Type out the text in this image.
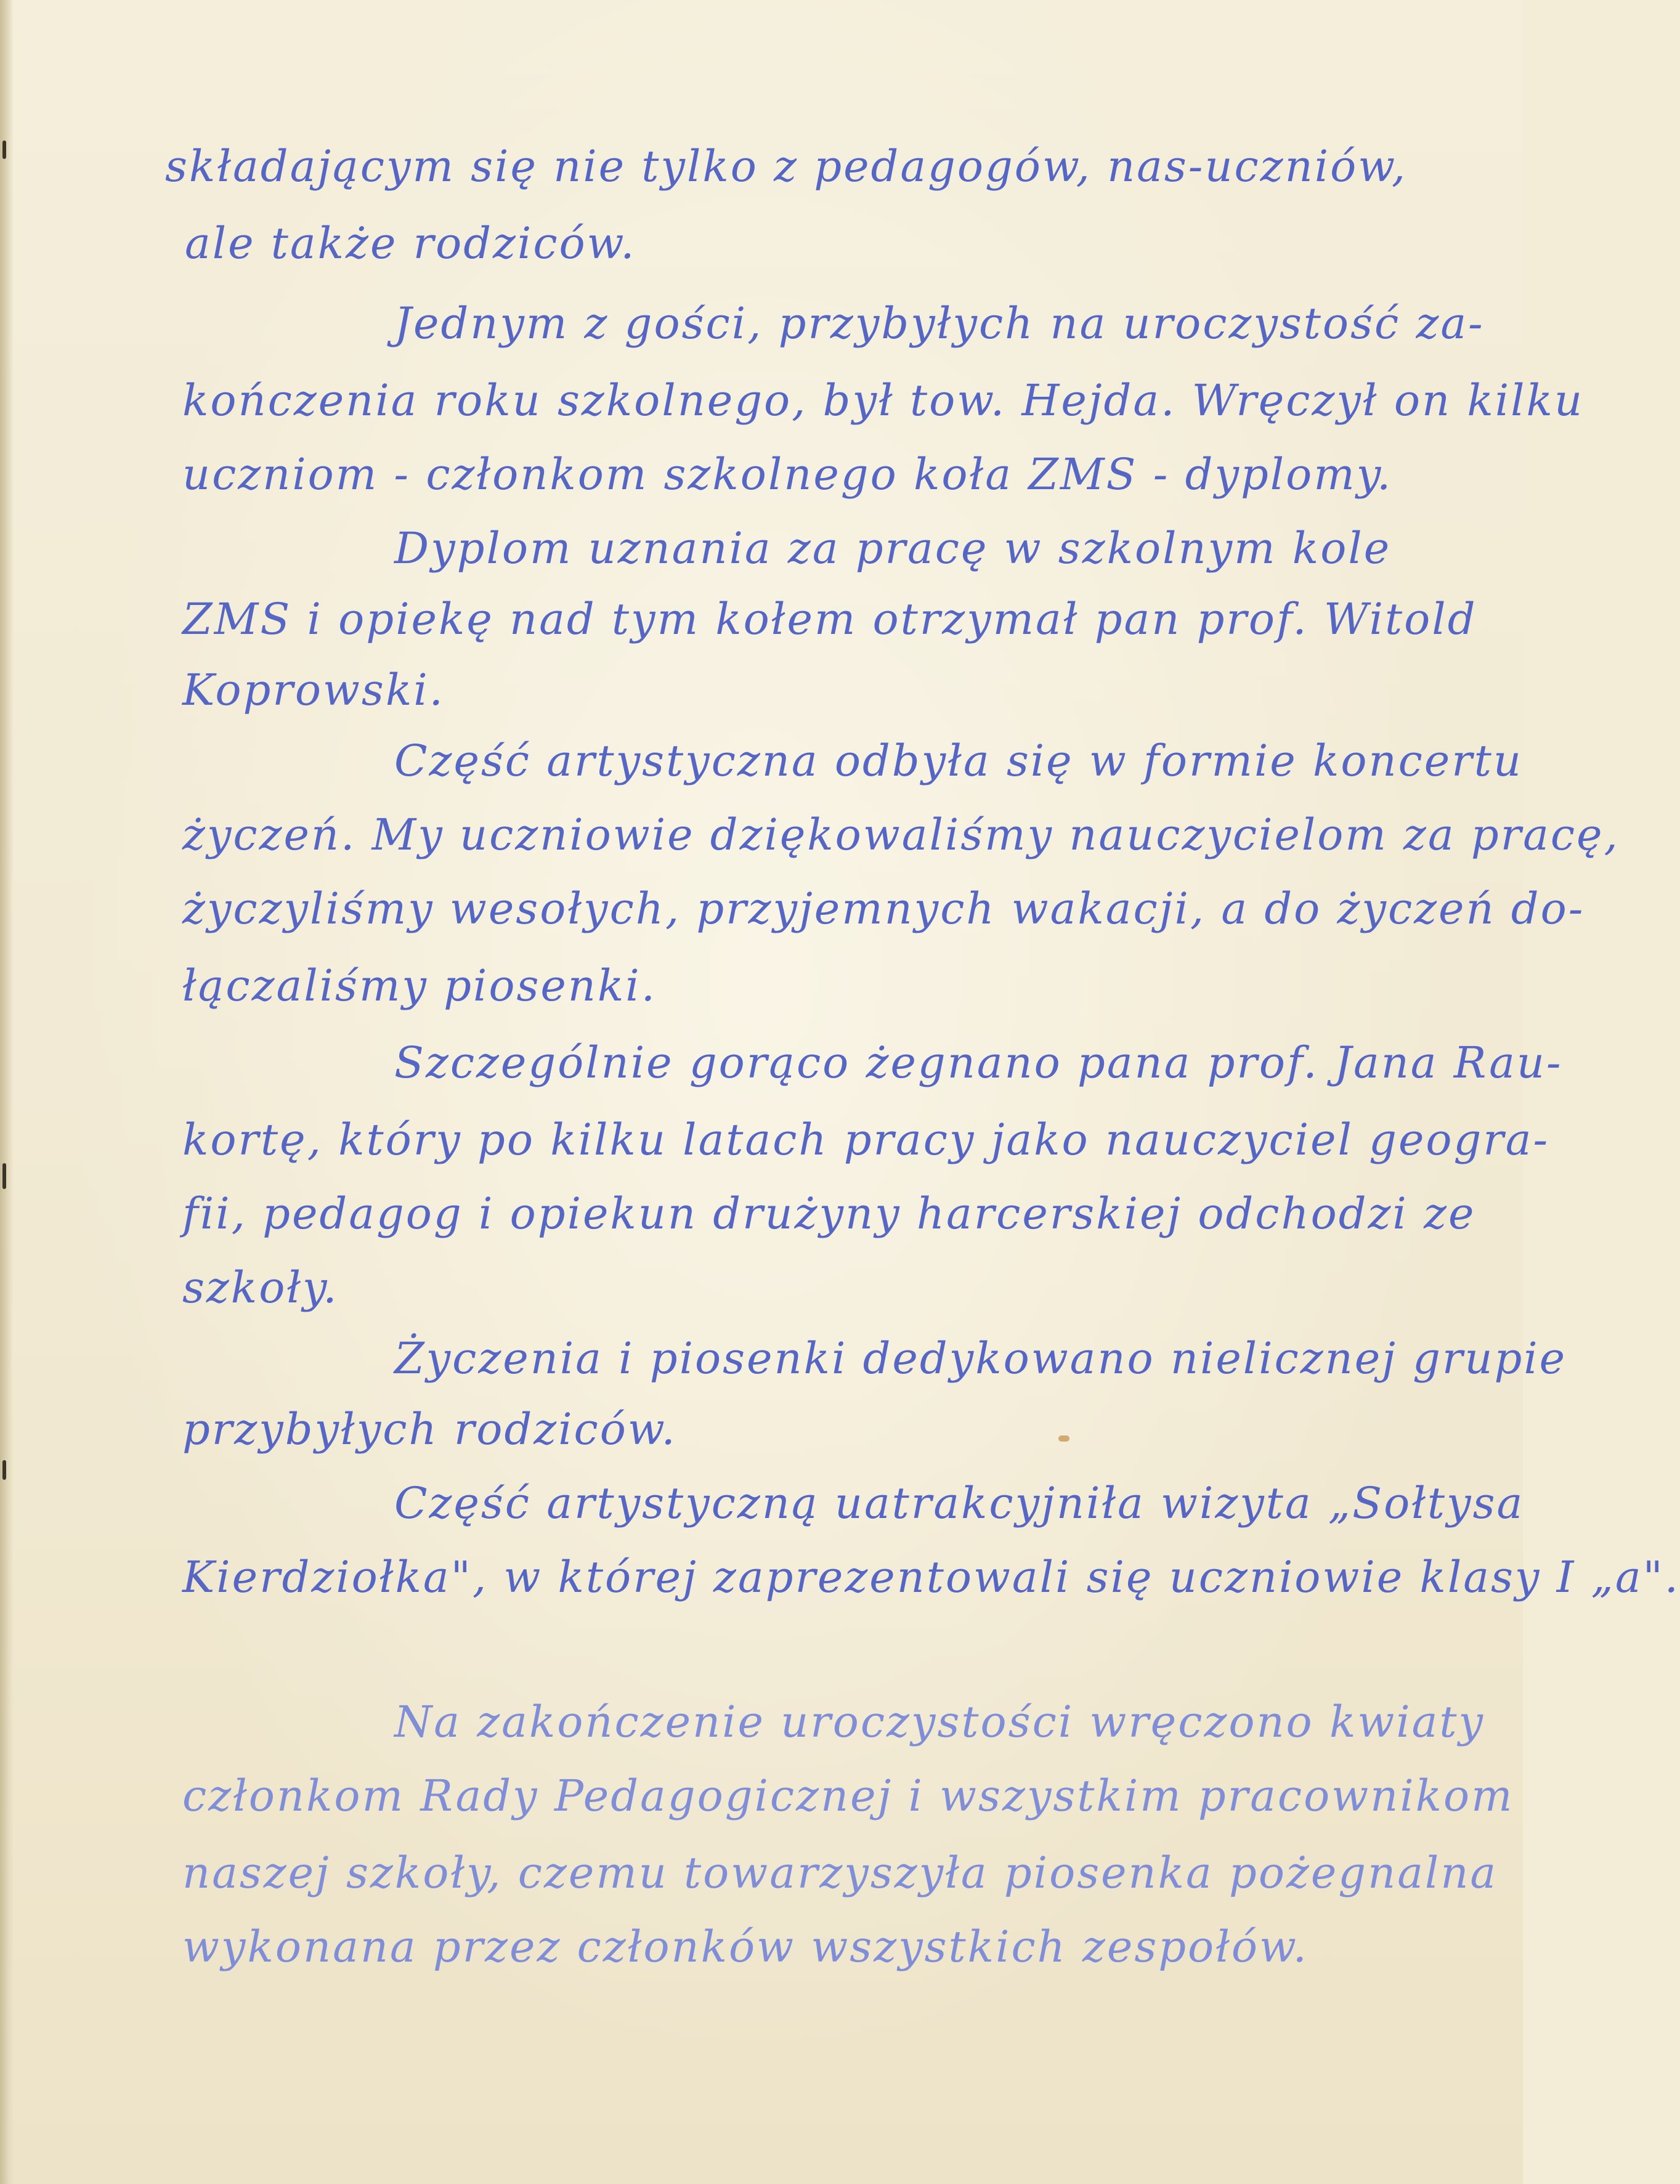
składającym się nie tylko z pedagogów, nas-uczniów,
ale także rodziców.
Jednym z gości, przybyłych na uroczystość za-
kończenia roku szkolnego, był tow. Hejda. Wręczył on kilku
uczniom - członkom szkolnego koła ZMS - dyplomy.
Dyplom uznania za pracę w szkolnym kole
ZMS i opiekę nad tym kołem otrzymał pan prof. Witold
Koprowski.
Część artystyczna odbyła się w formie koncertu
życzeń. My uczniowie dziękowaliśmy nauczycielom za pracę,
życzyliśmy wesołych, przyjemnych wakacji, a do życzeń do-
łączaliśmy piosenki.
Szczególnie gorąco żegnano pana prof. Jana Rau-
kortę, który po kilku latach pracy jako nauczyciel geogra-
fii, pedagog i opiekun drużyny harcerskiej odchodzi ze
szkoły.
Życzenia i piosenki dedykowano nielicznej grupie
przybyłych rodziców.
Część artystyczną uatrakcyjniła wizyta „Sołtysa
Kierdziołka", w której zaprezentowali się uczniowie klasy I „a".
Na zakończenie uroczystości wręczono kwiaty
członkom Rady Pedagogicznej i wszystkim pracownikom
naszej szkoły, czemu towarzyszyła piosenka pożegnalna
wykonana przez członków wszystkich zespołów.
